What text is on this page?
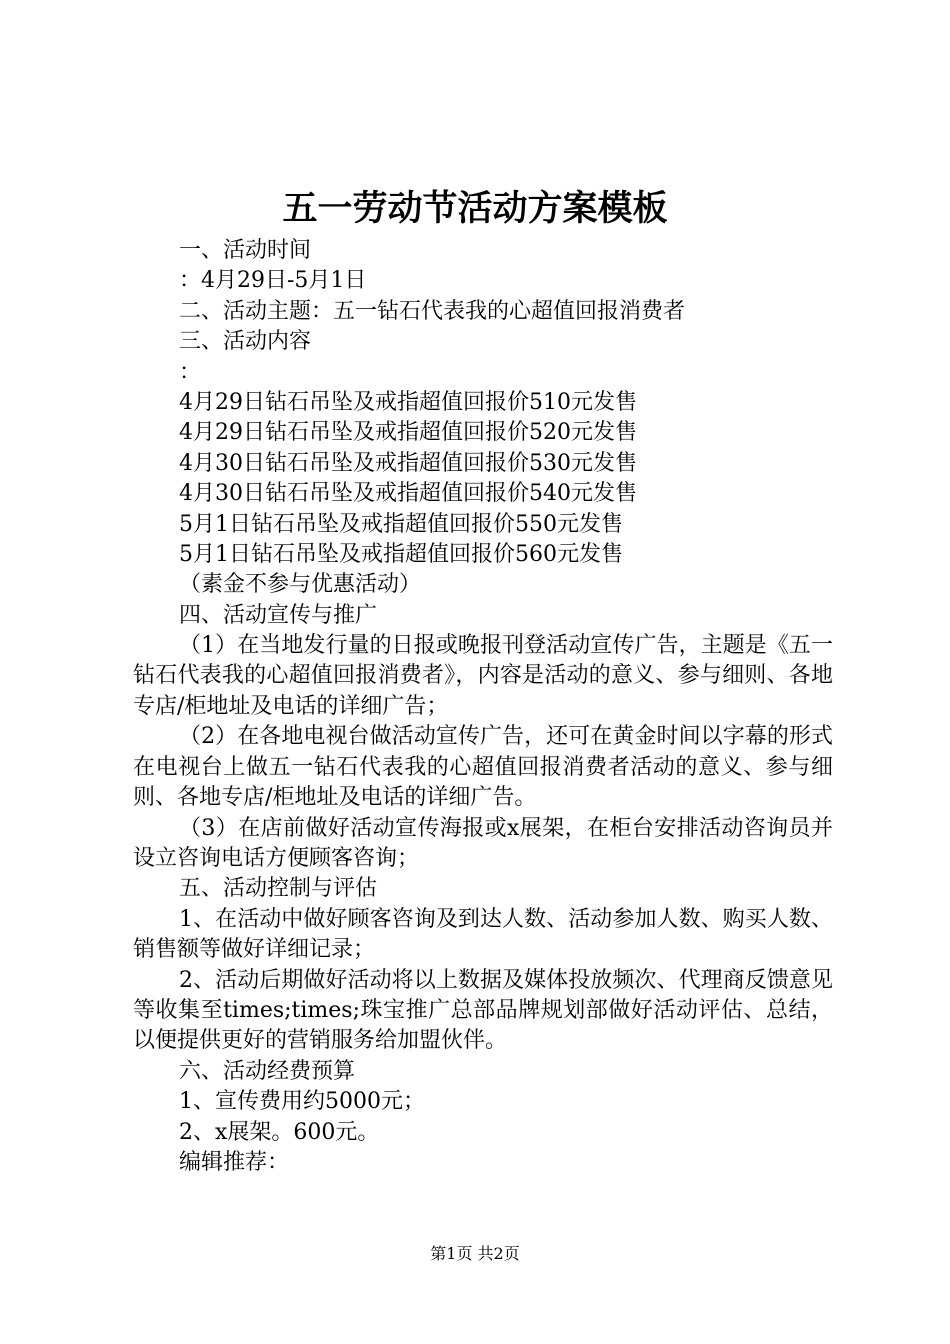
五一劳动节活动方案模板
一、活动时间
：4月29日-5月1日
二、活动主题：五一钻石代表我的心超值回报消费者
三、活动内容
：
4月29日钻石吊坠及戒指超值回报价510元发售
4月29日钻石吊坠及戒指超值回报价520元发售
4月30日钻石吊坠及戒指超值回报价530元发售
4月30日钻石吊坠及戒指超值回报价540元发售
5月1日钻石吊坠及戒指超值回报价550元发售
5月1日钻石吊坠及戒指超值回报价560元发售
（素金不参与优惠活动）
四、活动宣传与推广
（1）在当地发行量的日报或晚报刊登活动宣传广告，主题是《五一钻石代表我的心超值回报消费者》，内容是活动的意义、参与细则、各地专店/柜地址及电话的详细广告；
（2）在各地电视台做活动宣传广告，还可在黄金时间以字幕的形式在电视台上做五一钻石代表我的心超值回报消费者活动的意义、参与细则、各地专店/柜地址及电话的详细广告。
（3）在店前做好活动宣传海报或x展架，在柜台安排活动咨询员并设立咨询电话方便顾客咨询；
五、活动控制与评估
1、在活动中做好顾客咨询及到达人数、活动参加人数、购买人数、销售额等做好详细记录；
2、活动后期做好活动将以上数据及媒体投放频次、代理商反馈意见等收集至times;times;珠宝推广总部品牌规划部做好活动评估、总结，以便提供更好的营销服务给加盟伙伴。
六、活动经费预算
1、宣传费用约5000元；
2、x展架。600元。
编辑推荐：
第1页 共2页
